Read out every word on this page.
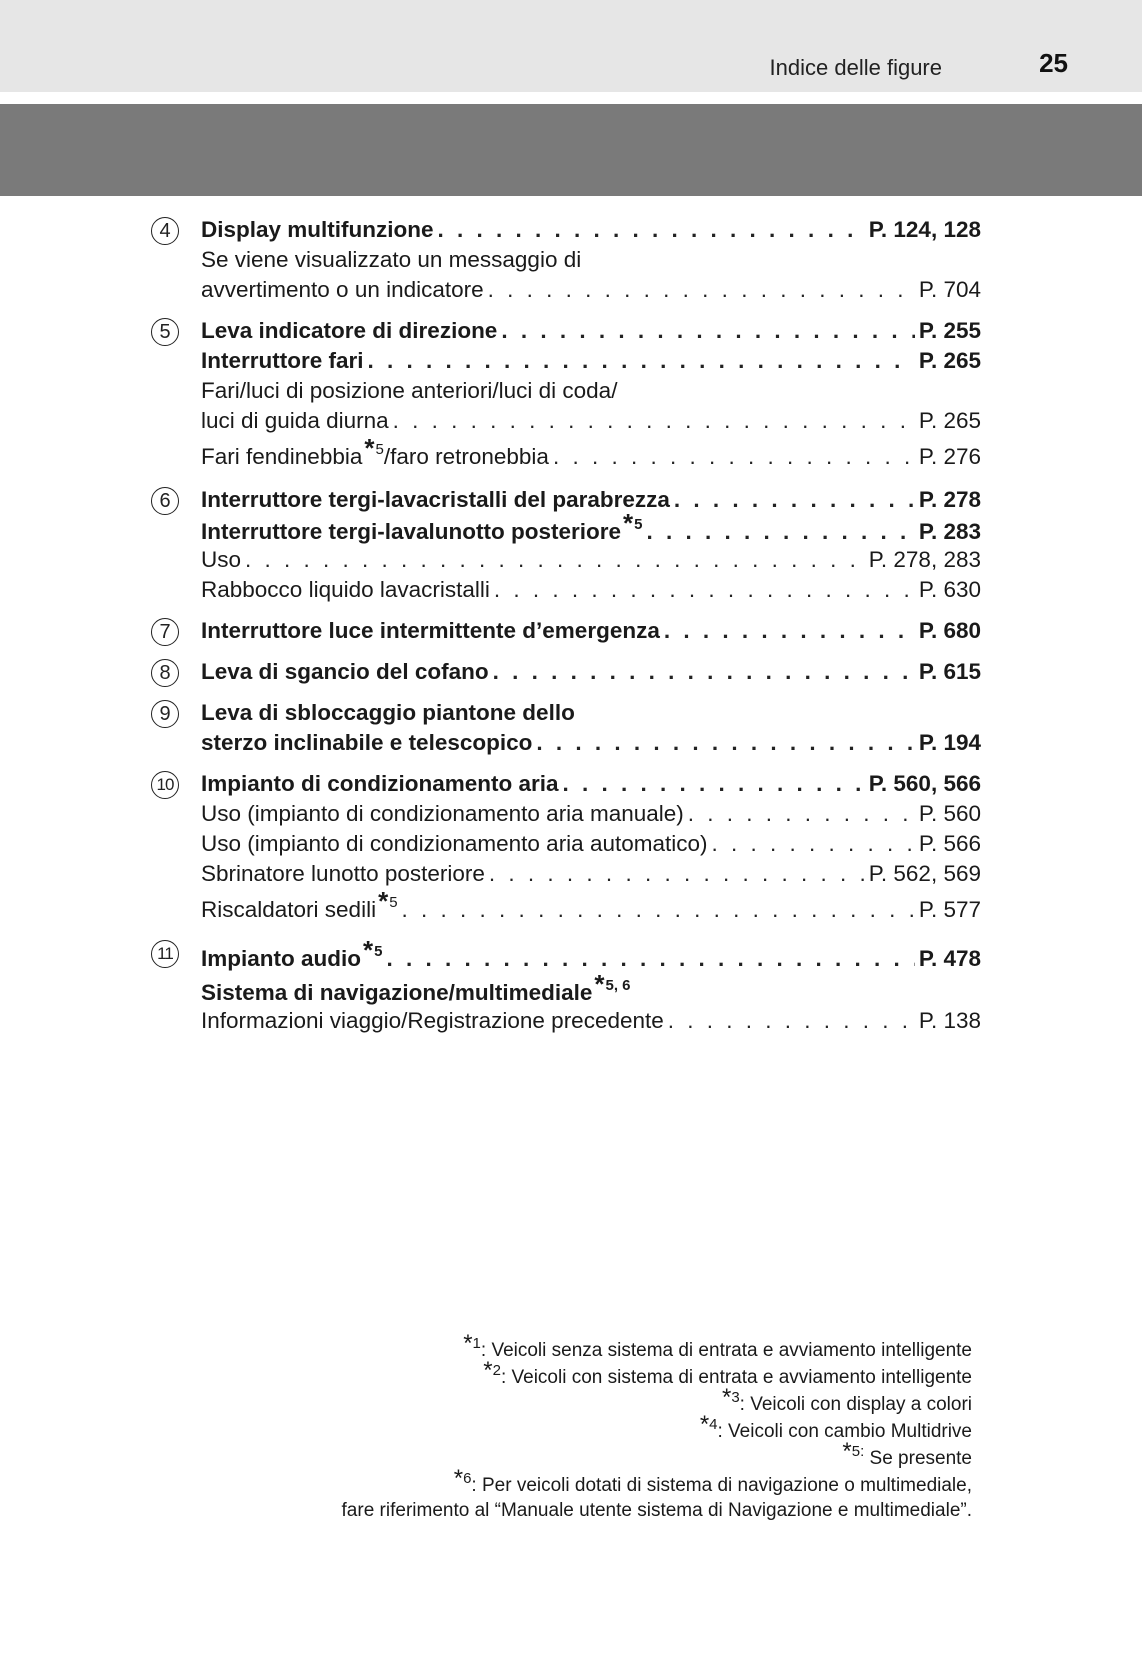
Indice delle figure	25
4	Display multifunzione . . .	P. 124, 128
Se viene visualizzato un messaggio di
avvertimento o un indicatore . . .	P. 704
5	Leva indicatore di direzione . . .	P. 255
Interruttore fari . . .	P. 265
Fari/luci di posizione anteriori/luci di coda/
luci di guida diurna . . .	P. 265
Fari fendinebbia*$^5$/faro retronebbia . . .	P. 276
6	Interruttore tergi-lavacristalli del parabrezza . . .	P. 278
Interruttore tergi-lavalunotto posteriore*$^5$ . . .	P. 283
Uso . . .	P. 278, 283
Rabbocco liquido lavacristalli . . .	P. 630
7	Interruttore luce intermittente d’emergenza . . .	P. 680
8	Leva di sgancio del cofano . . .	P. 615
9	Leva di sbloccaggio piantone dello
sterzo inclinabile e telescopico . . .	P. 194
10 Impianto di condizionamento aria . . .	P. 560, 566
Uso (impianto di condizionamento aria manuale) . . .	P. 560
Uso (impianto di condizionamento aria automatico) . . .	P. 566
Sbrinatore lunotto posteriore . . .	P. 562, 569
Riscaldatori sedili*$^5$ . . .	P. 577
11 Impianto audio*$^5$ . . .	P. 478
Sistema di navigazione/multimediale*$^{5, 6}$
Informazioni viaggio/Registrazione precedente . . .	P. 138
*$^1$: Veicoli senza sistema di entrata e avviamento intelligente
*$^2$: Veicoli con sistema di entrata e avviamento intelligente
*$^3$: Veicoli con display a colori
*$^4$: Veicoli con cambio Multidrive
*$^{5:}$ Se presente
*$^6$: Per veicoli dotati di sistema di navigazione o multimediale,
fare riferimento al “Manuale utente sistema di Navigazione e multimediale”.
